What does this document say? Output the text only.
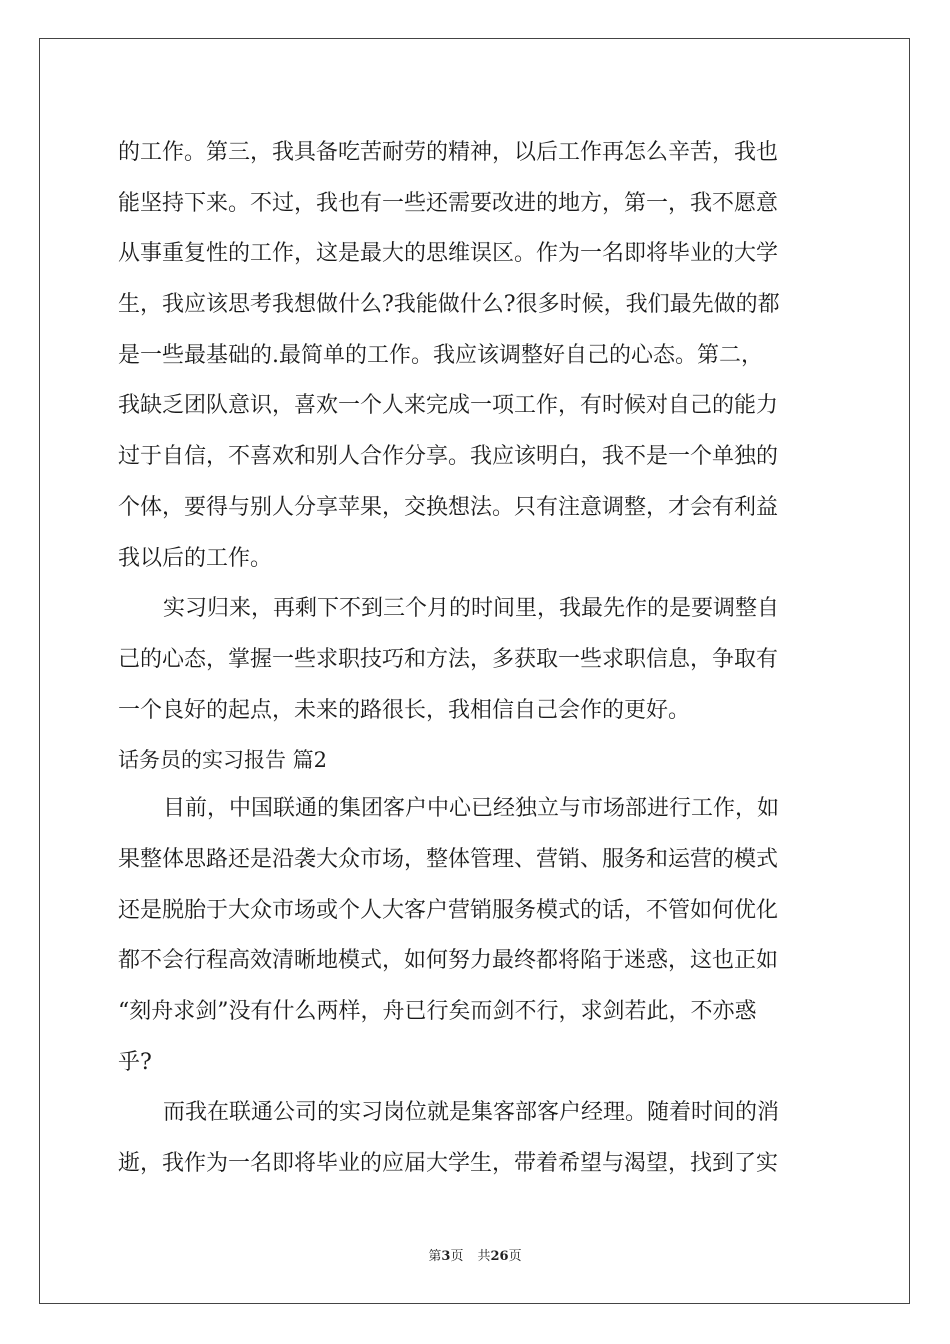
的工作。第三，我具备吃苦耐劳的精神，以后工作再怎么辛苦，我也
能坚持下来。不过，我也有一些还需要改进的地方，第一，我不愿意
从事重复性的工作，这是最大的思维误区。作为一名即将毕业的大学
生，我应该思考我想做什么?我能做什么?很多时候，我们最先做的都
是一些最基础的.最简单的工作。我应该调整好自己的心态。第二，
我缺乏团队意识，喜欢一个人来完成一项工作，有时候对自己的能力
过于自信，不喜欢和别人合作分享。我应该明白，我不是一个单独的
个体，要得与别人分享苹果，交换想法。只有注意调整，才会有利益
我以后的工作。
实习归来，再剩下不到三个月的时间里，我最先作的是要调整自
己的心态，掌握一些求职技巧和方法，多获取一些求职信息，争取有
一个良好的起点，未来的路很长，我相信自己会作的更好。
话务员的实习报告 篇2
目前，中国联通的集团客户中心已经独立与市场部进行工作，如
果整体思路还是沿袭大众市场，整体管理、营销、服务和运营的模式
还是脱胎于大众市场或个人大客户营销服务模式的话，不管如何优化
都不会行程高效清晰地模式，如何努力最终都将陷于迷惑，这也正如
“刻舟求剑”没有什么两样，舟已行矣而剑不行，求剑若此，不亦惑
乎?
而我在联通公司的实习岗位就是集客部客户经理。随着时间的消
逝，我作为一名即将毕业的应届大学生，带着希望与渴望，找到了实
第3页 共26页
